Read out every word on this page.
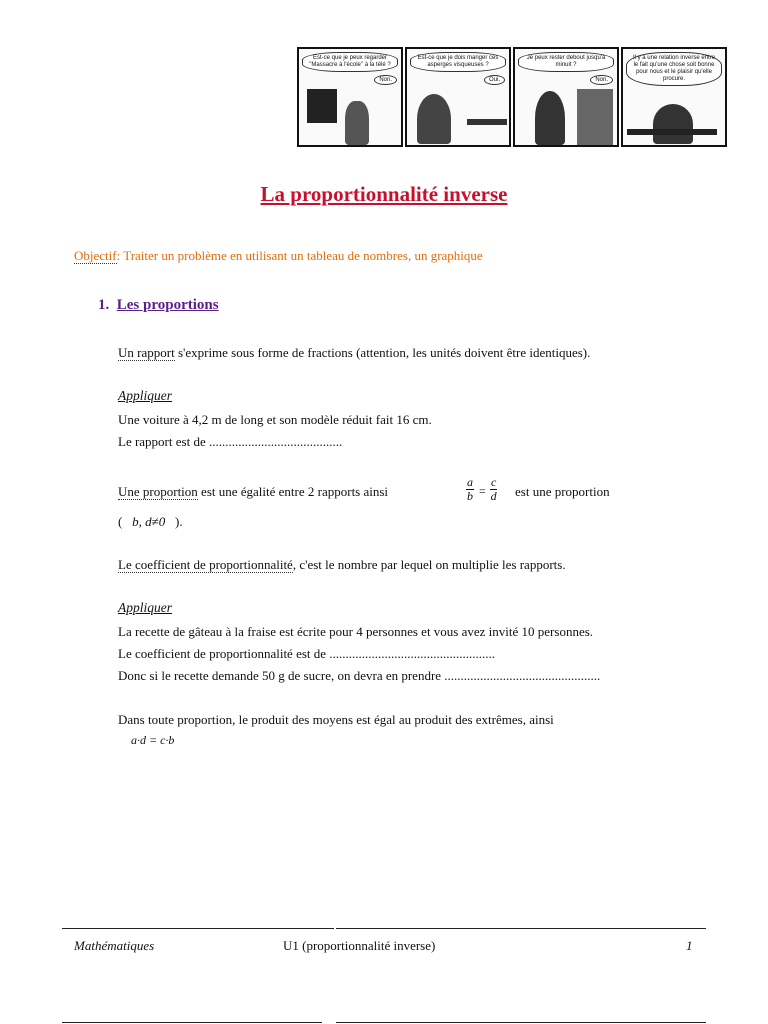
Est-ce que je peux regarder "Massacre à l'école" à la télé ?
Non.
Est-ce que je dois manger ces asperges visqueuses ?
Oui.
Je peux rester debout jusqu'à minuit ?
Non.
Il y a une relation inverse entre le fait qu'une chose soit bonne pour nous et le plaisir qu'elle procure.
La proportionnalité inverse
Objectif: Traiter un problème en utilisant un tableau de nombres, un graphique
1. Les proportions
Un rapport s'exprime sous forme de fractions (attention, les unités doivent être identiques).
Appliquer
Une voiture à 4,2 m de long et son modèle réduit fait 16 cm.
Le rapport est de .........................................
Une proportion est une égalité entre 2 rapports ainsi	$\frac{a}{b} = \frac{c}{d}$ est une proportion
( b, d≠0 ).
Le coefficient de proportionnalité, c'est le nombre par lequel on multiplie les rapports.
Appliquer
La recette de gâteau à la fraise est écrite pour 4 personnes et vous avez invité 10 personnes.
Le coefficient de proportionnalité est de ...................................................
Donc si le recette demande 50 g de sucre, on devra en prendre ................................................
Dans toute proportion, le produit des moyens est égal au produit des extrêmes, ainsi
a·d = c·b
Mathématiques	U1 (proportionnalité inverse)	1
